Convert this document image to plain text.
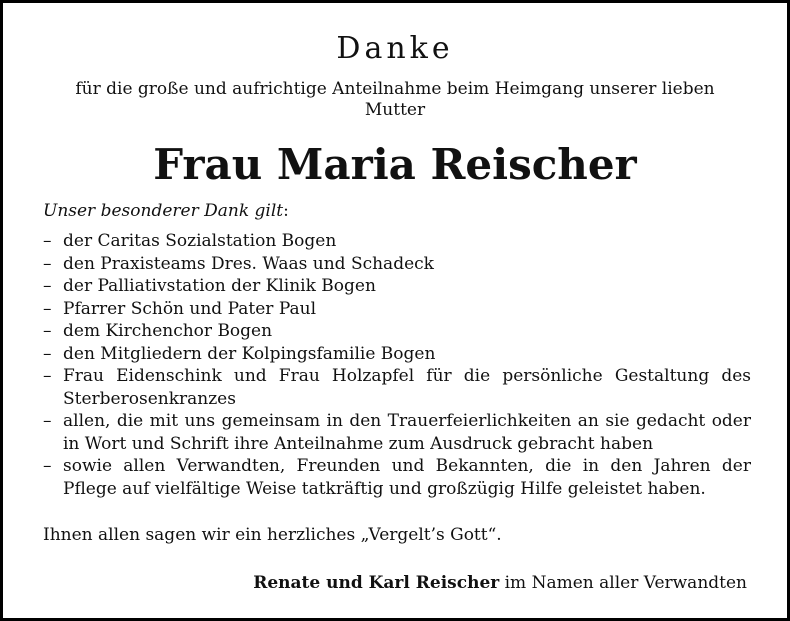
Danke
für die große und aufrichtige Anteilnahme beim Heimgang unserer lieben Mutter
Frau Maria Reischer
Unser besonderer Dank gilt:
– der Caritas Sozialstation Bogen
– den Praxisteams Dres. Waas und Schadeck
– der Palliativstation der Klinik Bogen
– Pfarrer Schön und Pater Paul
– dem Kirchenchor Bogen
– den Mitgliedern der Kolpingsfamilie Bogen
– Frau Eidenschink und Frau Holzapfel für die persönliche Gestaltung des Sterberosenkranzes
– allen, die mit uns gemeinsam in den Trauerfeierlichkeiten an sie gedacht oder in Wort und Schrift ihre Anteilnahme zum Ausdruck gebracht haben
– sowie allen Verwandten, Freunden und Bekannten, die in den Jahren der Pflege auf vielfältige Weise tatkräftig und großzügig Hilfe geleistet haben.
Ihnen allen sagen wir ein herzliches „Vergelt’s Gott“.
Renate und Karl Reischer im Namen aller Verwandten
